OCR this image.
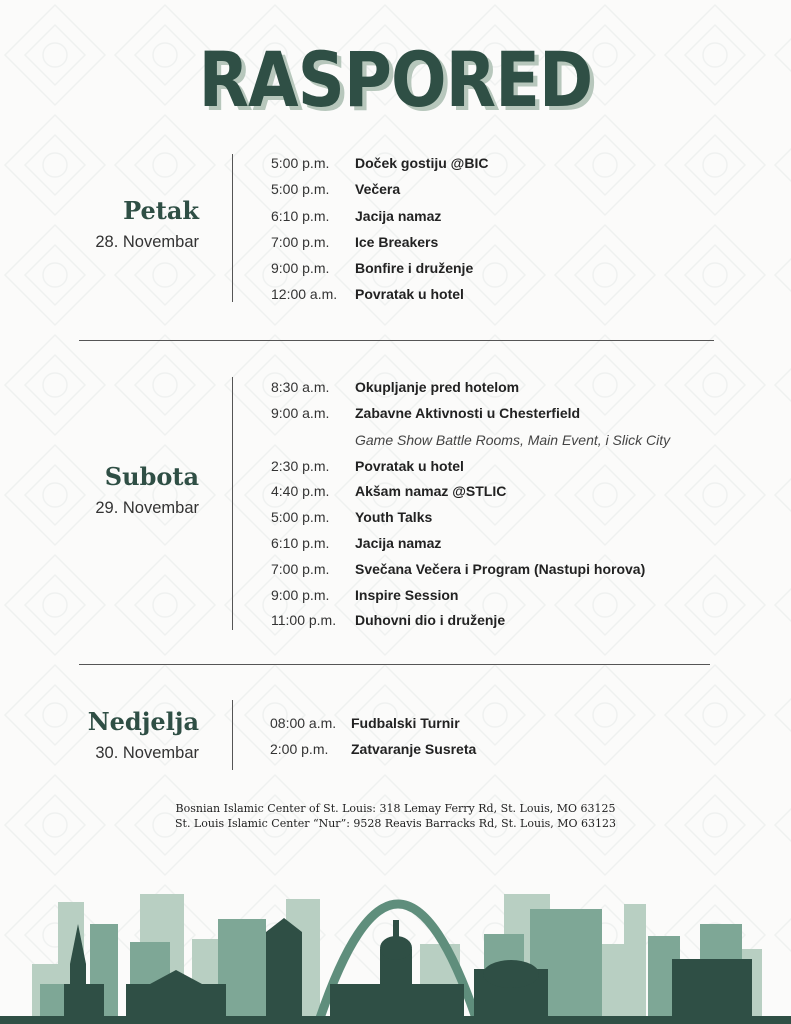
RASPORED
Petak
28. Novembar
5:00 p.m. Doček gostiju @BIC
5:00 p.m. Večera
6:10 p.m. Jacija namaz
7:00 p.m. Ice Breakers
9:00 p.m. Bonfire i druženje
12:00 a.m. Povratak u hotel
Subota
29. Novembar
8:30 a.m. Okupljanje pred hotelom
9:00 a.m. Zabavne Aktivnosti u Chesterfield
Game Show Battle Rooms, Main Event, i Slick City
2:30 p.m. Povratak u hotel
4:40 p.m. Akšam namaz @STLIC
5:00 p.m. Youth Talks
6:10 p.m. Jacija namaz
7:00 p.m. Svečana Večera i Program (Nastupi horova)
9:00 p.m. Inspire Session
11:00 p.m. Duhovni dio i druženje
Nedjelja
30. Novembar
08:00 a.m. Fudbalski Turnir
2:00 p.m. Zatvaranje Susreta
Bosnian Islamic Center of St. Louis: 318 Lemay Ferry Rd, St. Louis, MO 63125
St. Louis Islamic Center “Nur”: 9528 Reavis Barracks Rd, St. Louis, MO 63123
